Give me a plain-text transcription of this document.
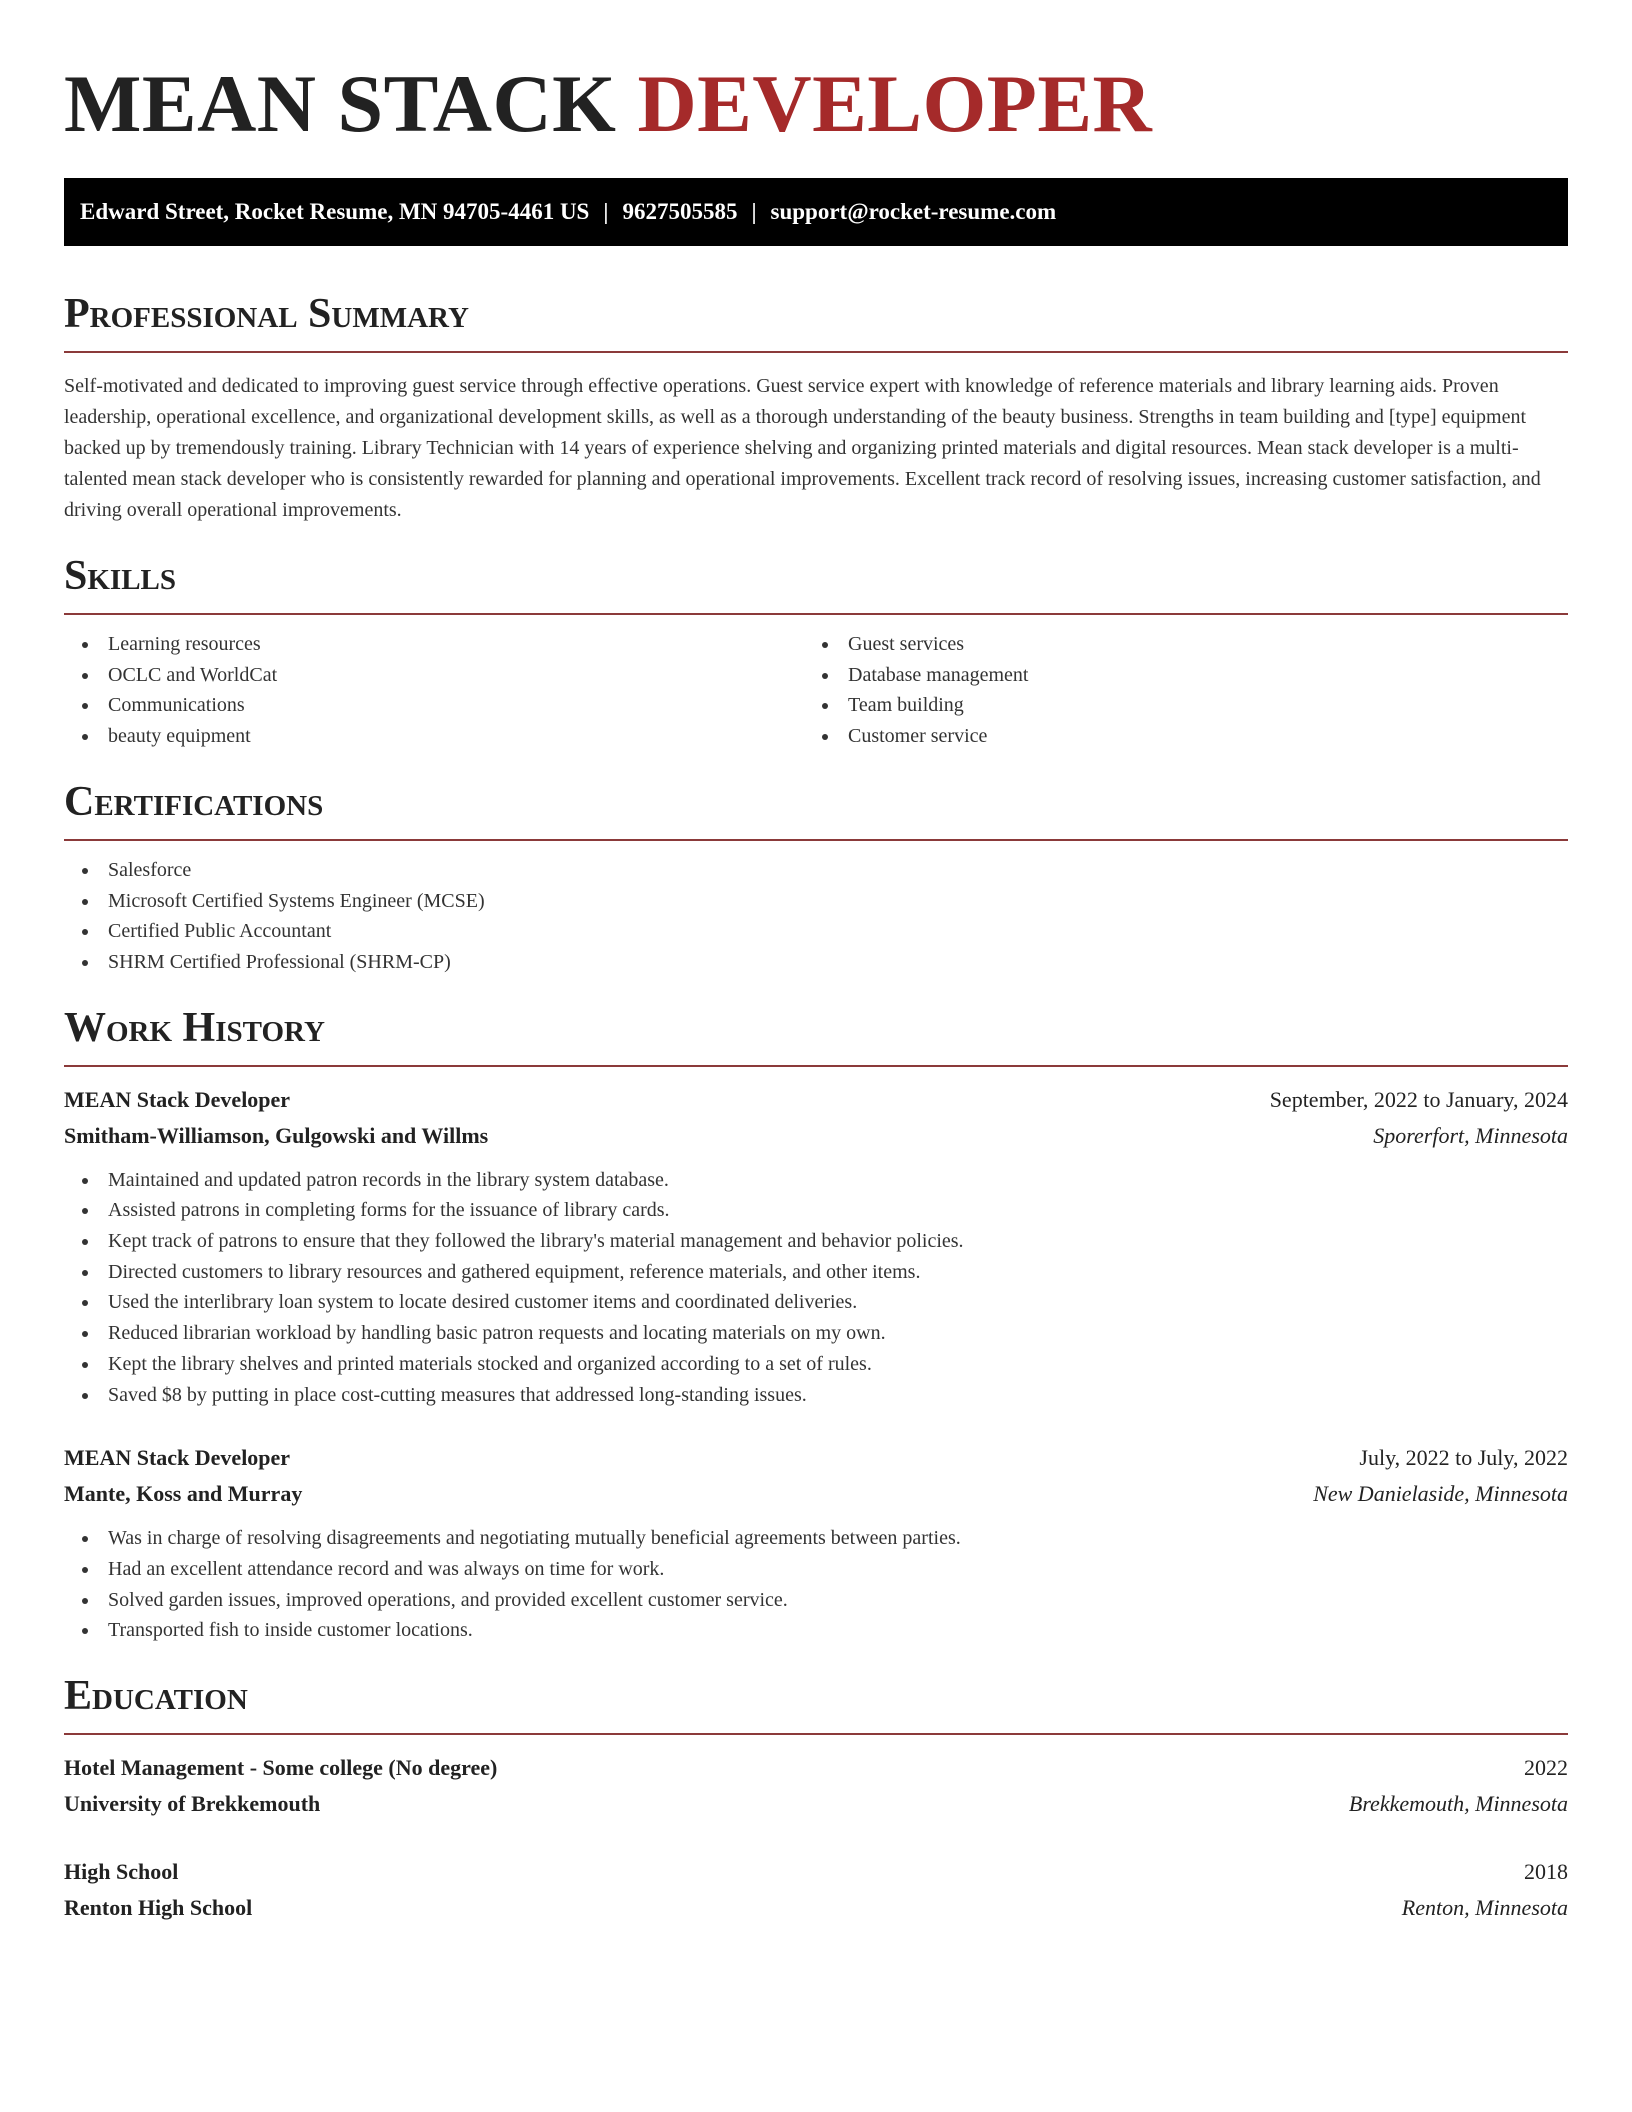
MEAN STACK DEVELOPER
Edward Street, Rocket Resume, MN 94705-4461 US | 9627505585 | support@rocket-resume.com
Professional Summary

Self-motivated and dedicated to improving guest service through effective operations. Guest service expert with knowledge of reference materials and library learning aids. Proven leadership, operational excellence, and organizational development skills, as well as a thorough understanding of the beauty business. Strengths in team building and [type] equipment backed up by tremendously training. Library Technician with 14 years of experience shelving and organizing printed materials and digital resources. Mean stack developer is a multi-talented mean stack developer who is consistently rewarded for planning and operational improvements. Excellent track record of resolving issues, increasing customer satisfaction, and driving overall operational improvements.

Skills
Learning resources
OCLC and WorldCat
Communications
beauty equipment
Guest services
Database management
Team building
Customer service
Certifications
Salesforce
Microsoft Certified Systems Engineer (MCSE)
Certified Public Accountant
SHRM Certified Professional (SHRM-CP)
Work History
MEAN Stack Developer	September, 2022 to January, 2024
Smitham-Williamson, Gulgowski and Willms	Sporerfort, Minnesota
Maintained and updated patron records in the library system database.
Assisted patrons in completing forms for the issuance of library cards.
Kept track of patrons to ensure that they followed the library's material management and behavior policies.
Directed customers to library resources and gathered equipment, reference materials, and other items.
Used the interlibrary loan system to locate desired customer items and coordinated deliveries.
Reduced librarian workload by handling basic patron requests and locating materials on my own.
Kept the library shelves and printed materials stocked and organized according to a set of rules.
Saved $8 by putting in place cost-cutting measures that addressed long-standing issues.
MEAN Stack Developer	July, 2022 to July, 2022
Mante, Koss and Murray	New Danielaside, Minnesota
Was in charge of resolving disagreements and negotiating mutually beneficial agreements between parties.
Had an excellent attendance record and was always on time for work.
Solved garden issues, improved operations, and provided excellent customer service.
Transported fish to inside customer locations.
Education
Hotel Management - Some college (No degree)	2022
University of Brekkemouth	Brekkemouth, Minnesota
High School	2018
Renton High School	Renton, Minnesota
